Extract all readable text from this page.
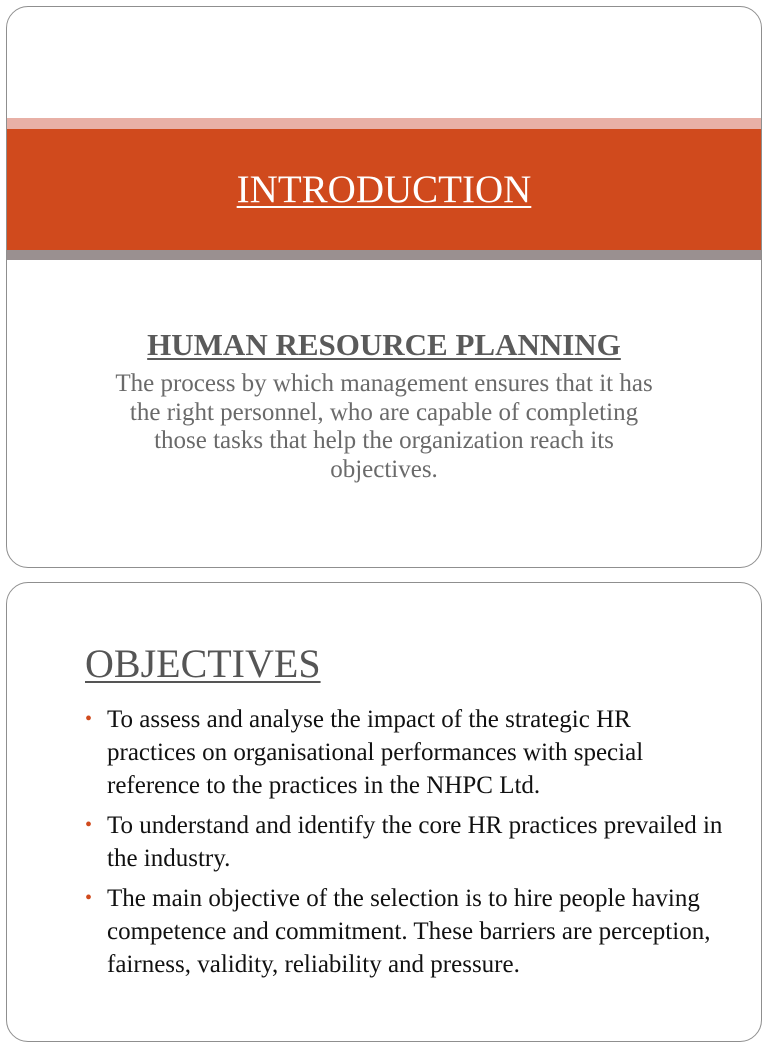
INTRODUCTION
HUMAN RESOURCE PLANNING

The process by which management ensures that it has the right personnel, who are capable of completing those tasks that help the organization reach its objectives.

OBJECTIVES
• To assess and analyse the impact of the strategic HR practices on organisational performances with special reference to the practices in the NHPC Ltd.
• To understand and identify the core HR practices prevailed in the industry.
• The main objective of the selection is to hire people having competence and commitment. These barriers are perception, fairness, validity, reliability and pressure.
